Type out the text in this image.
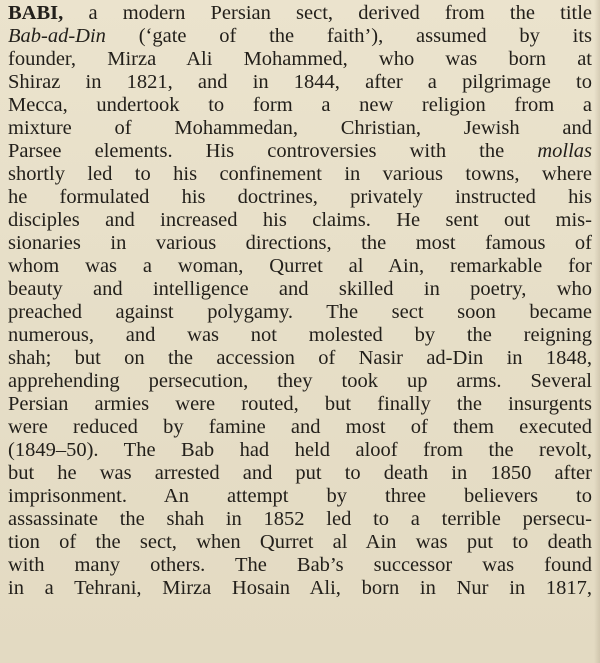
BABI, a modern Persian sect, derived from the title
Bab-ad-Din (‘gate of the faith’), assumed by its
founder, Mirza Ali Mohammed, who was born at
Shiraz in 1821, and in 1844, after a pilgrimage to
Mecca, undertook to form a new religion from a
mixture of Mohammedan, Christian, Jewish and
Parsee elements. His controversies with the mollas
shortly led to his confinement in various towns, where
he formulated his doctrines, privately instructed his
disciples and increased his claims. He sent out mis-
sionaries in various directions, the most famous of
whom was a woman, Qurret al Ain, remarkable for
beauty and intelligence and skilled in poetry, who
preached against polygamy. The sect soon became
numerous, and was not molested by the reigning
shah; but on the accession of Nasir ad-Din in 1848,
apprehending persecution, they took up arms. Several
Persian armies were routed, but finally the insurgents
were reduced by famine and most of them executed
(1849–50). The Bab had held aloof from the revolt,
but he was arrested and put to death in 1850 after
imprisonment. An attempt by three believers to
assassinate the shah in 1852 led to a terrible persecu-
tion of the sect, when Qurret al Ain was put to death
with many others. The Bab’s successor was found
in a Tehrani, Mirza Hosain Ali, born in Nur in 1817,
